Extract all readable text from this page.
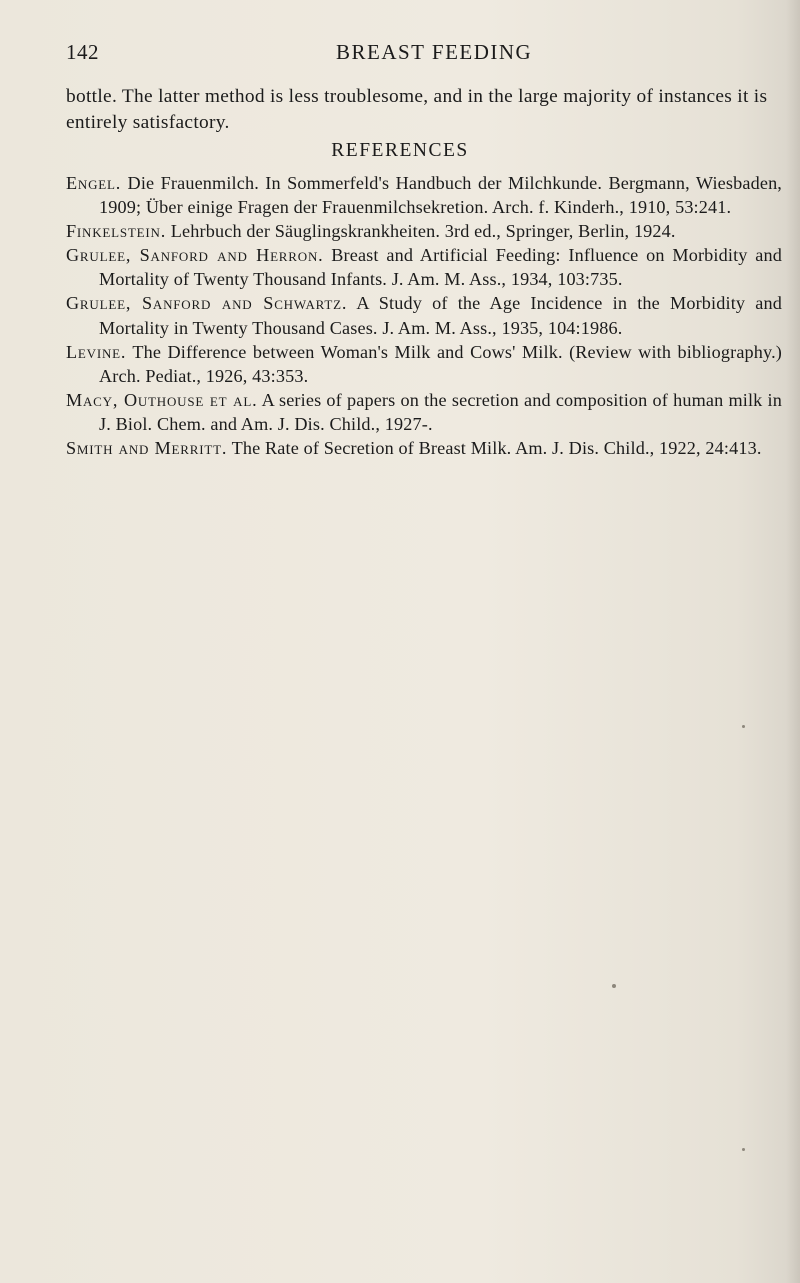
142	BREAST FEEDING

bottle. The latter method is less troublesome, and in the large majority of instances it is entirely satisfactory.

REFERENCES
Engel. Die Frauenmilch. In Sommerfeld's Handbuch der Milchkunde. Bergmann, Wiesbaden, 1909; Über einige Fragen der Frauenmilchsekretion. Arch. f. Kinderh., 1910, 53:241.
Finkelstein. Lehrbuch der Säuglingskrankheiten. 3rd ed., Springer, Berlin, 1924.
Grulee, Sanford and Herron. Breast and Artificial Feeding: Influence on Morbidity and Mortality of Twenty Thousand Infants. J. Am. M. Ass., 1934, 103:735.
Grulee, Sanford and Schwartz. A Study of the Age Incidence in the Morbidity and Mortality in Twenty Thousand Cases. J. Am. M. Ass., 1935, 104:1986.
Levine. The Difference between Woman's Milk and Cows' Milk. (Review with bibliography.) Arch. Pediat., 1926, 43:353.
Macy, Outhouse et al. A series of papers on the secretion and composition of human milk in J. Biol. Chem. and Am. J. Dis. Child., 1927-.
Smith and Merritt. The Rate of Secretion of Breast Milk. Am. J. Dis. Child., 1922, 24:413.
